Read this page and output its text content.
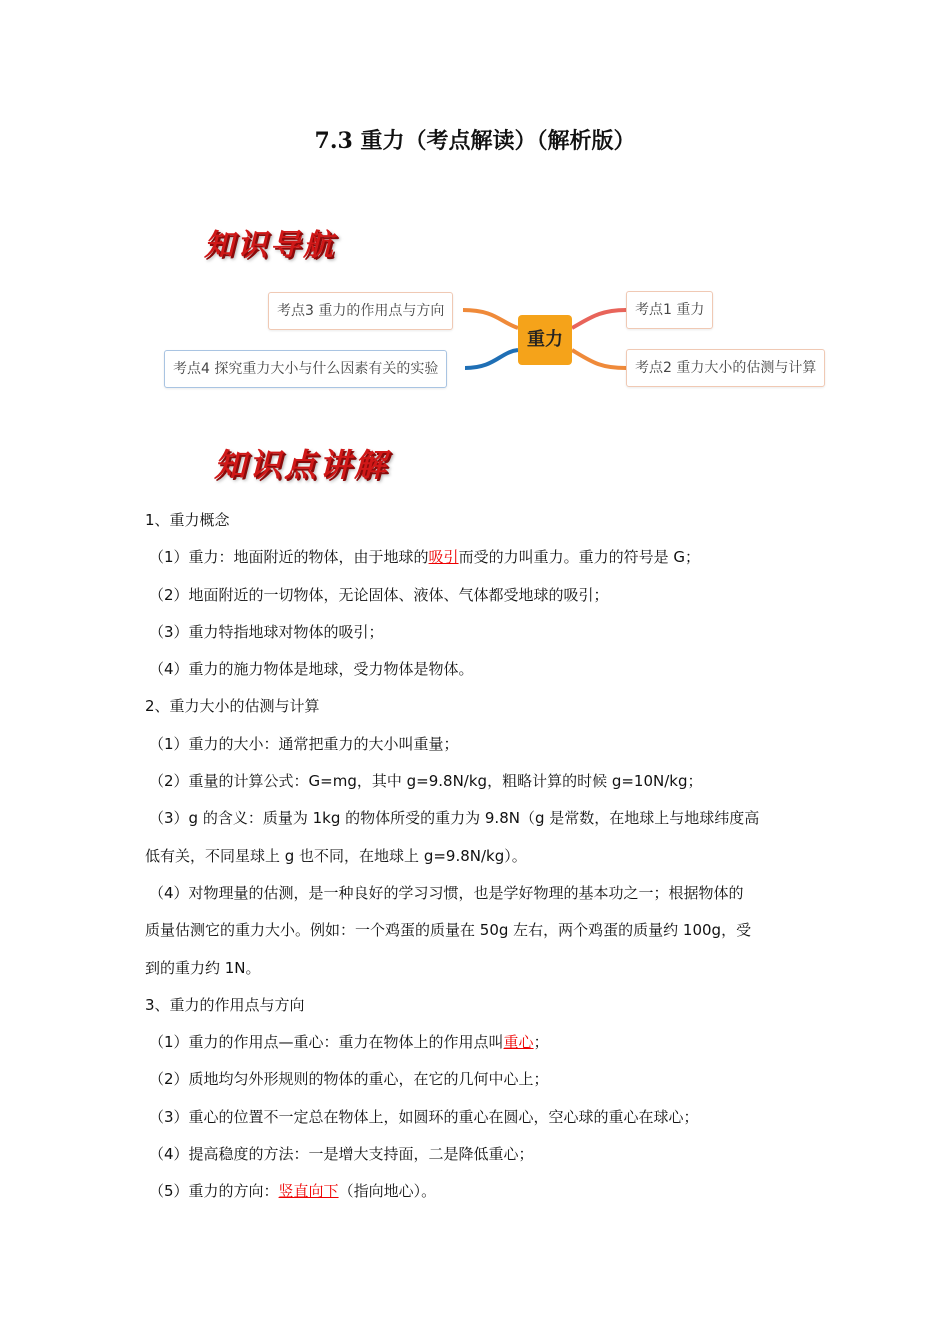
7.3 重力（考点解读）（解析版）
知识导航
重力
考点3 重力的作用点与方向
考点4 探究重力大小与什么因素有关的实验
考点1 重力
考点2 重力大小的估测与计算
知识点讲解
1、重力概念
（1）重力：地面附近的物体，由于地球的吸引而受的力叫重力。重力的符号是 G；
（2）地面附近的一切物体，无论固体、液体、气体都受地球的吸引；
（3）重力特指地球对物体的吸引；
（4）重力的施力物体是地球，受力物体是物体。
2、重力大小的估测与计算
（1）重力的大小：通常把重力的大小叫重量；
（2）重量的计算公式：G=mg，其中 g=9.8N/kg，粗略计算的时候 g=10N/kg；
（3）g 的含义：质量为 1kg 的物体所受的重力为 9.8N（g 是常数，在地球上与地球纬度高
低有关，不同星球上 g 也不同，在地球上 g=9.8N/kg）。
（4）对物理量的估测，是一种良好的学习习惯，也是学好物理的基本功之一；根据物体的
质量估测它的重力大小。例如：一个鸡蛋的质量在 50g 左右，两个鸡蛋的质量约 100g，受
到的重力约 1N。
3、重力的作用点与方向
（1）重力的作用点—重心：重力在物体上的作用点叫重心；
（2）质地均匀外形规则的物体的重心，在它的几何中心上；
（3）重心的位置不一定总在物体上，如圆环的重心在圆心，空心球的重心在球心；
（4）提高稳度的方法：一是增大支持面，二是降低重心；
（5）重力的方向：竖直向下（指向地心）。
